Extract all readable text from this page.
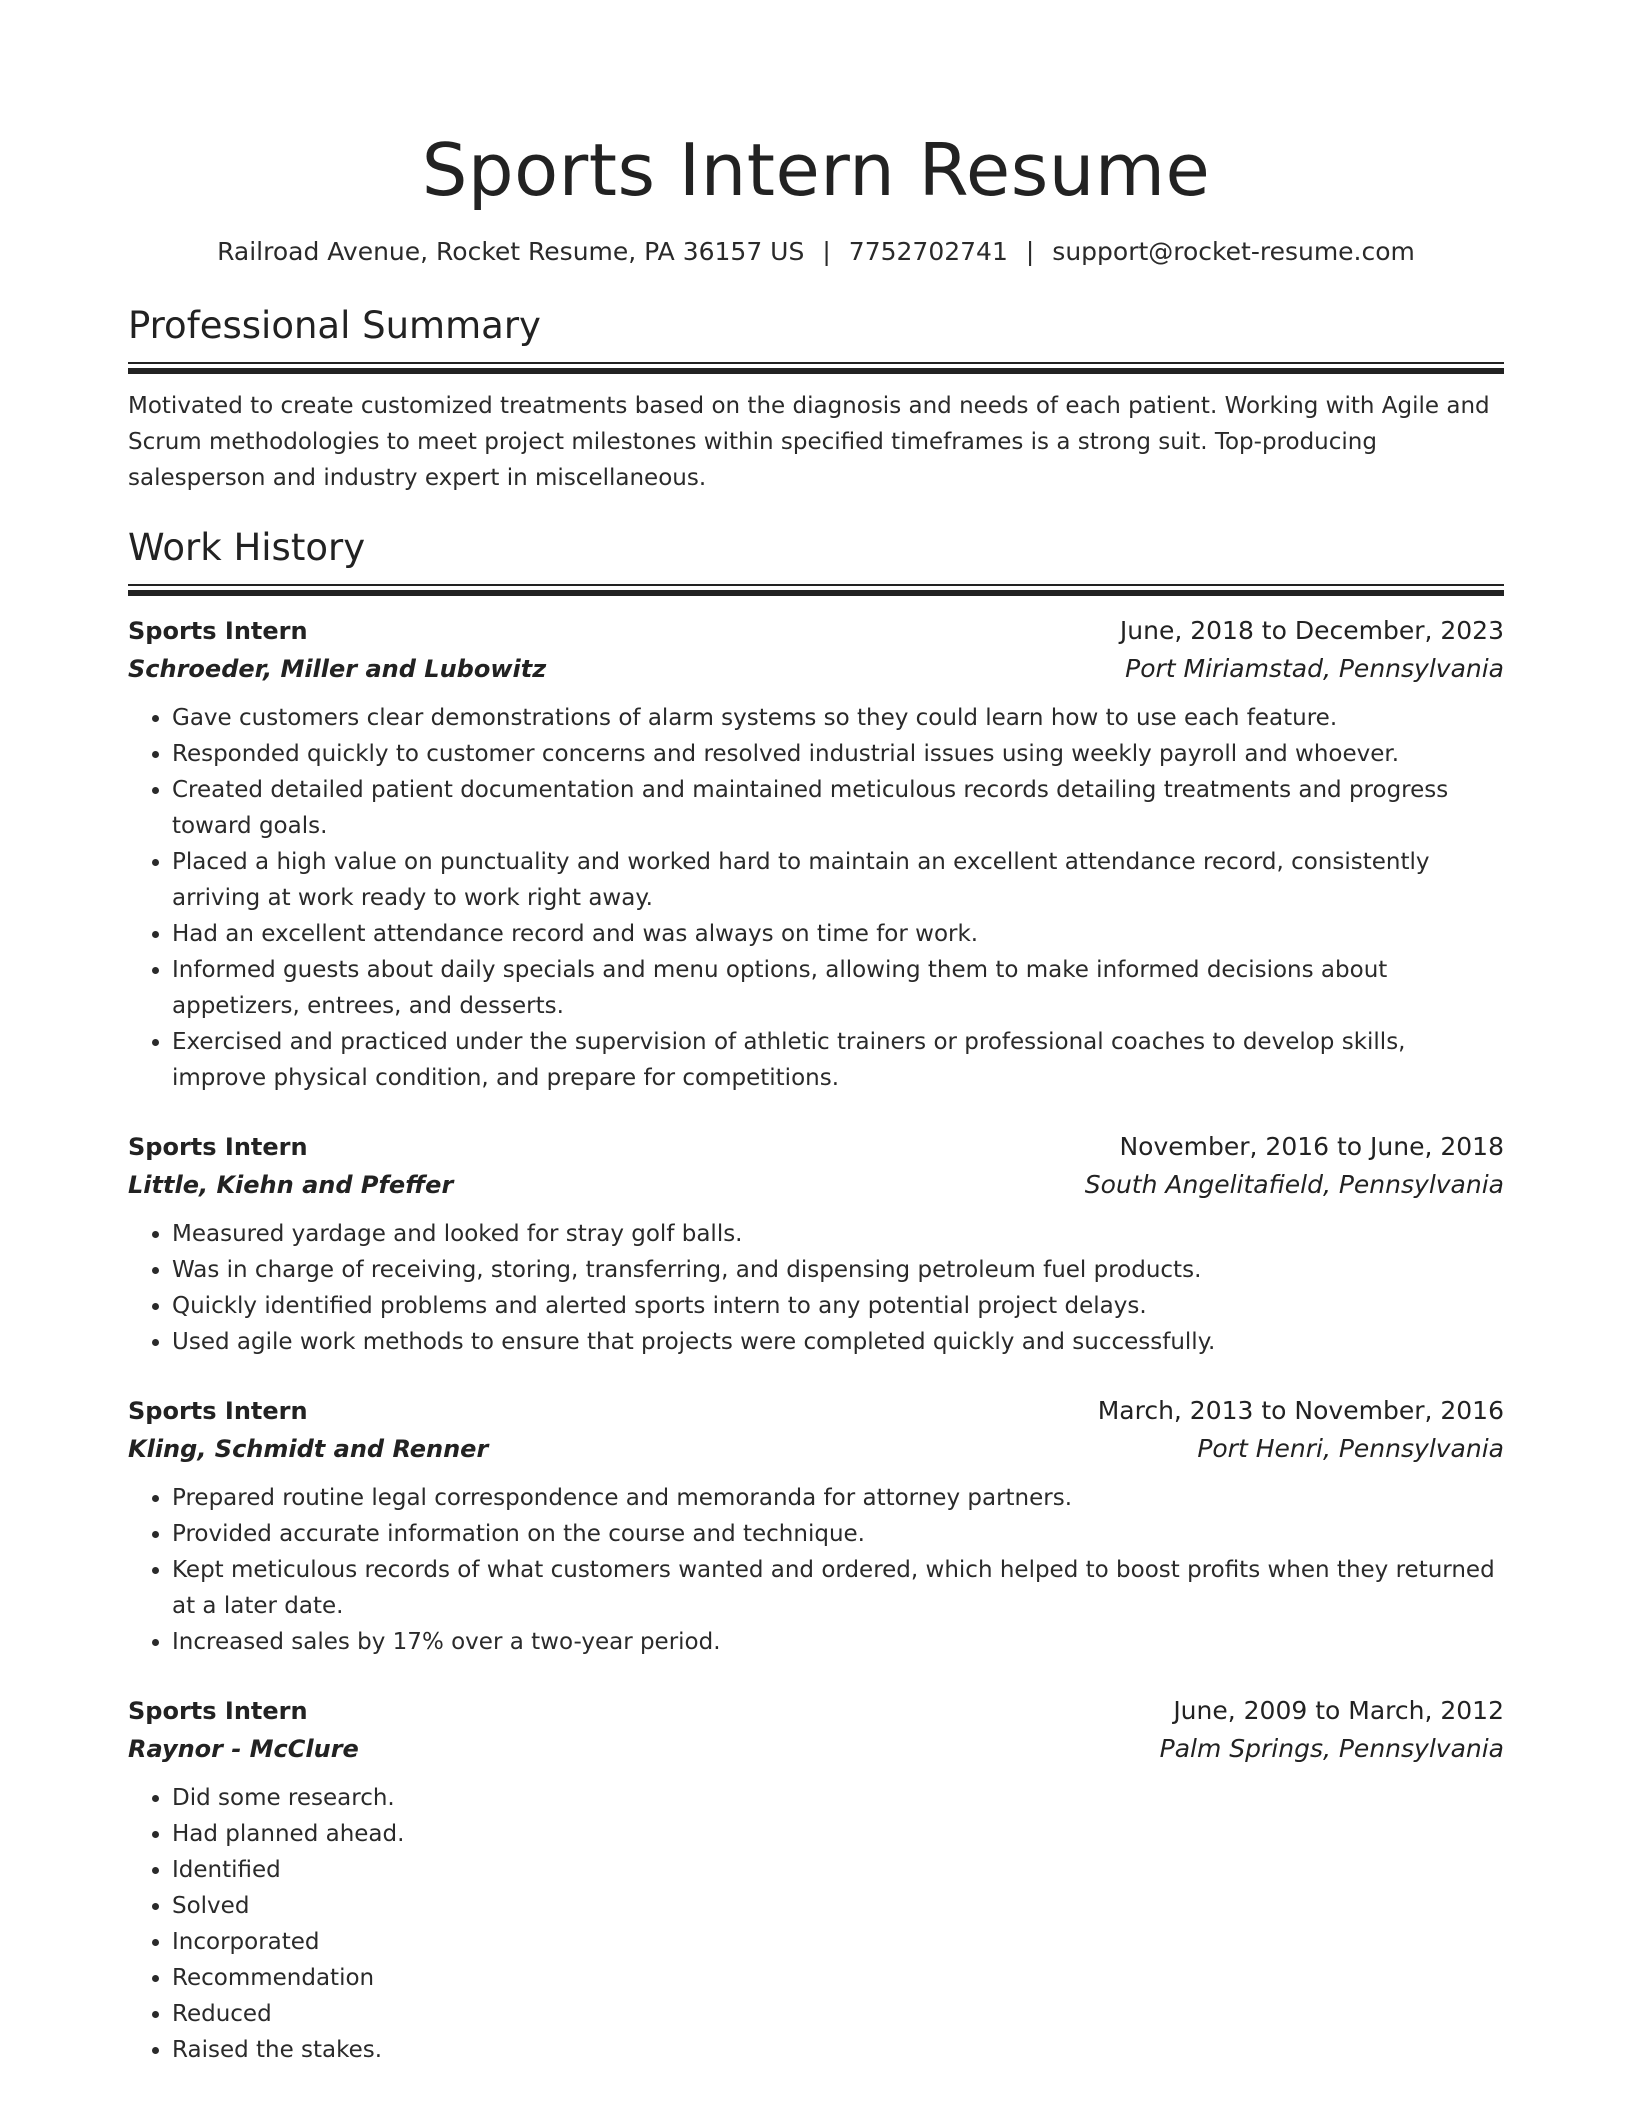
Sports Intern Resume
Railroad Avenue, Rocket Resume, PA 36157 US | 7752702741 | support@rocket-resume.com
Professional Summary

Motivated to create customized treatments based on the diagnosis and needs of each patient. Working with Agile and Scrum methodologies to meet project milestones within specified timeframes is a strong suit. Top-producing salesperson and industry expert in miscellaneous.

Work History
Sports Intern	June, 2018 to December, 2023
Schroeder, Miller and Lubowitz	Port Miriamstad, Pennsylvania
• Gave customers clear demonstrations of alarm systems so they could learn how to use each feature.
• Responded quickly to customer concerns and resolved industrial issues using weekly payroll and whoever.
• Created detailed patient documentation and maintained meticulous records detailing treatments and progress toward goals.
• Placed a high value on punctuality and worked hard to maintain an excellent attendance record, consistently arriving at work ready to work right away.
• Had an excellent attendance record and was always on time for work.
• Informed guests about daily specials and menu options, allowing them to make informed decisions about appetizers, entrees, and desserts.
• Exercised and practiced under the supervision of athletic trainers or professional coaches to develop skills, improve physical condition, and prepare for competitions.
Sports Intern	November, 2016 to June, 2018
Little, Kiehn and Pfeffer	South Angelitafield, Pennsylvania
• Measured yardage and looked for stray golf balls.
• Was in charge of receiving, storing, transferring, and dispensing petroleum fuel products.
• Quickly identified problems and alerted sports intern to any potential project delays.
• Used agile work methods to ensure that projects were completed quickly and successfully.
Sports Intern	March, 2013 to November, 2016
Kling, Schmidt and Renner	Port Henri, Pennsylvania
• Prepared routine legal correspondence and memoranda for attorney partners.
• Provided accurate information on the course and technique.
• Kept meticulous records of what customers wanted and ordered, which helped to boost profits when they returned at a later date.
• Increased sales by 17% over a two-year period.
Sports Intern	June, 2009 to March, 2012
Raynor - McClure	Palm Springs, Pennsylvania
• Did some research.
• Had planned ahead.
• Identified
• Solved
• Incorporated
• Recommendation
• Reduced
• Raised the stakes.
